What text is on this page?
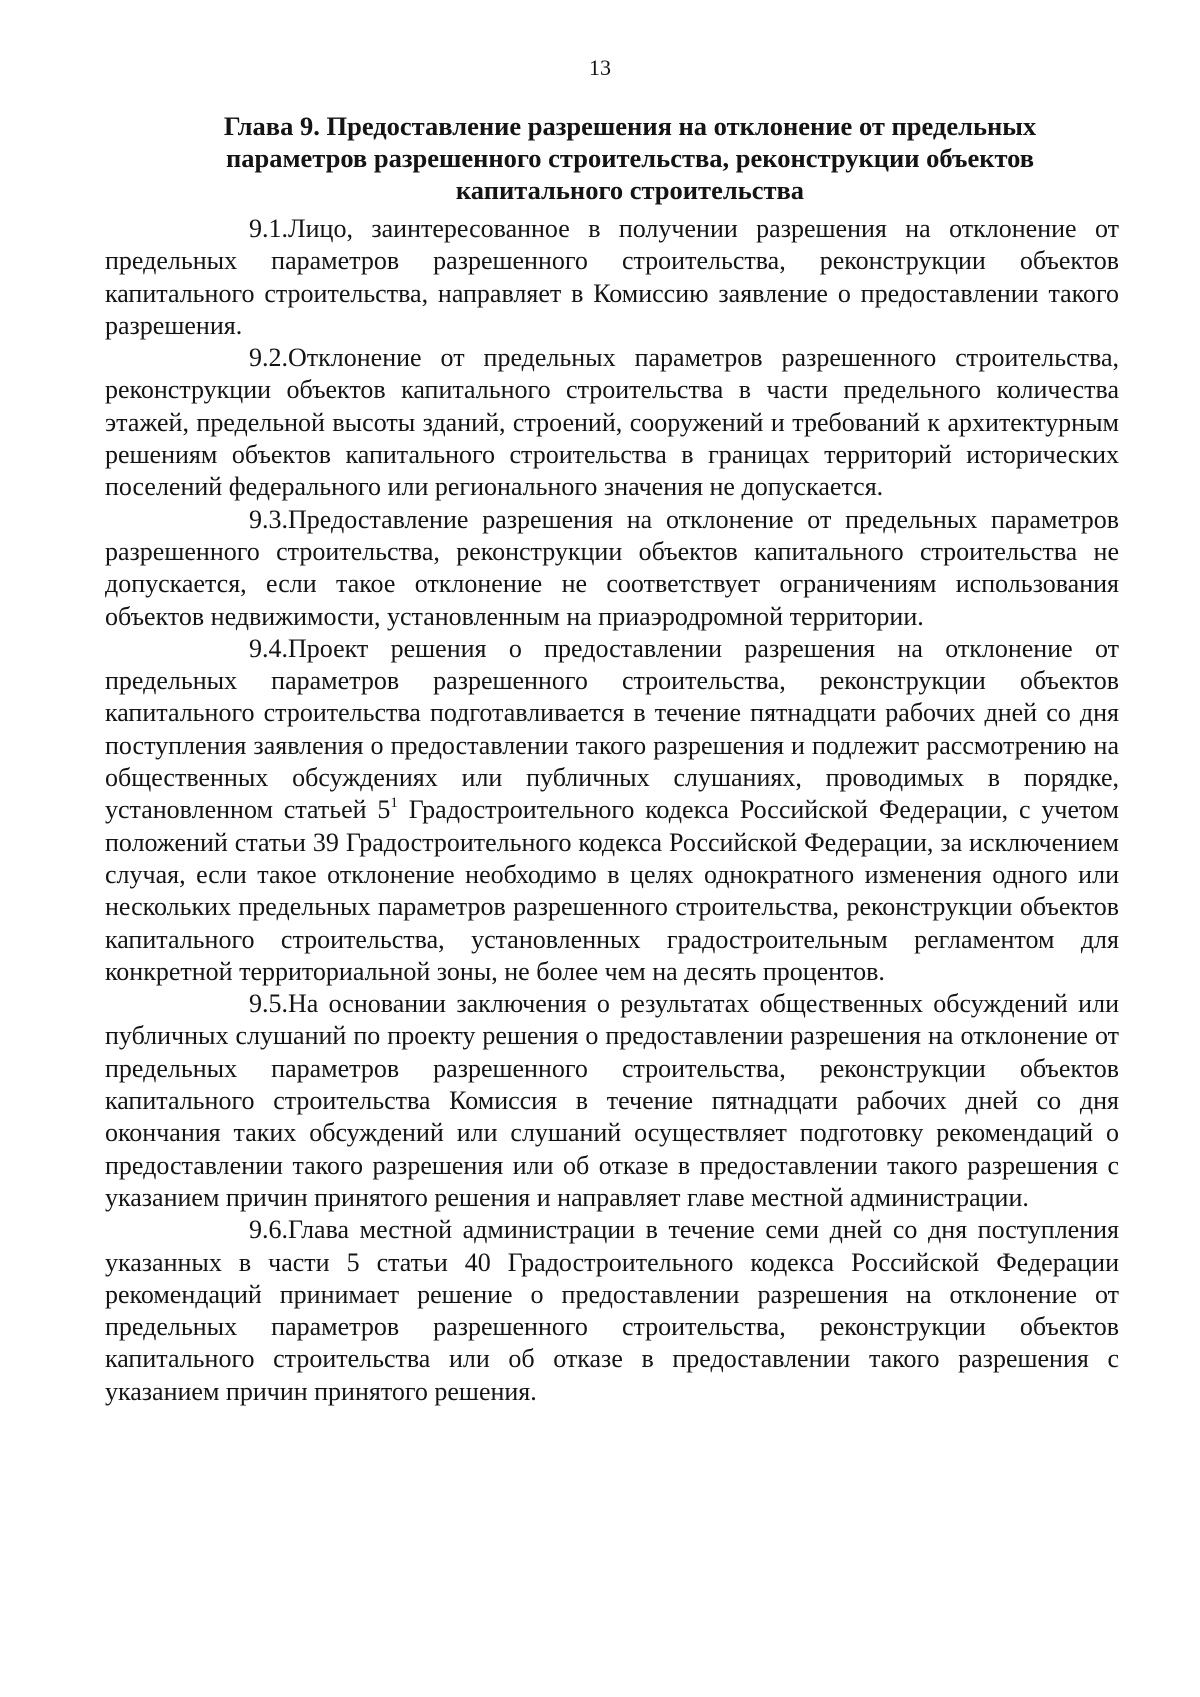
13
Глава 9. Предоставление разрешения на отклонение от предельных
параметров разрешенного строительства, реконструкции объектов
капитального строительства

9.1.Лицо, заинтересованное в получении разрешения на отклонение от предельных параметров разрешенного строительства, реконструкции объектов капитального строительства, направляет в Комиссию заявление о предоставлении такого разрешения.

9.2.Отклонение от предельных параметров разрешенного строительства, реконструкции объектов капитального строительства в части предельного количества этажей, предельной высоты зданий, строений, сооружений и требований к архитектурным решениям объектов капитального строительства в границах территорий исторических поселений федерального или регионального значения не допускается.

9.3.Предоставление разрешения на отклонение от предельных параметров разрешенного строительства, реконструкции объектов капитального строительства не допускается, если такое отклонение не соответствует ограничениям использования объектов недвижимости, установленным на приаэродромной территории.

9.4.Проект решения о предоставлении разрешения на отклонение от предельных параметров разрешенного строительства, реконструкции объектов капитального строительства подготавливается в течение пятнадцати рабочих дней со дня поступления заявления о предоставлении такого разрешения и подлежит рассмотрению на общественных обсуждениях или публичных слушаниях, проводимых в порядке, установленном статьей $5^1$ Градостроительного кодекса Российской Федерации, с учетом положений статьи 39 Градостроительного кодекса Российской Федерации, за исключением случая, если такое отклонение необходимо в целях однократного изменения одного или нескольких предельных параметров разрешенного строительства, реконструкции объектов капитального строительства, установленных градостроительным регламентом для конкретной территориальной зоны, не более чем на десять процентов.

9.5.На основании заключения о результатах общественных обсуждений или публичных слушаний по проекту решения о предоставлении разрешения на отклонение от предельных параметров разрешенного строительства, реконструкции объектов капитального строительства Комиссия в течение пятнадцати рабочих дней со дня окончания таких обсуждений или слушаний осуществляет подготовку рекомендаций о предоставлении такого разрешения или об отказе в предоставлении такого разрешения с указанием причин принятого решения и направляет главе местной администрации.

9.6.Глава местной администрации в течение семи дней со дня поступления указанных в части 5 статьи 40 Градостроительного кодекса Российской Федерации рекомендаций принимает решение о предоставлении разрешения на отклонение от предельных параметров разрешенного строительства, реконструкции объектов капитального строительства или об отказе в предоставлении такого разрешения с указанием причин принятого решения.
